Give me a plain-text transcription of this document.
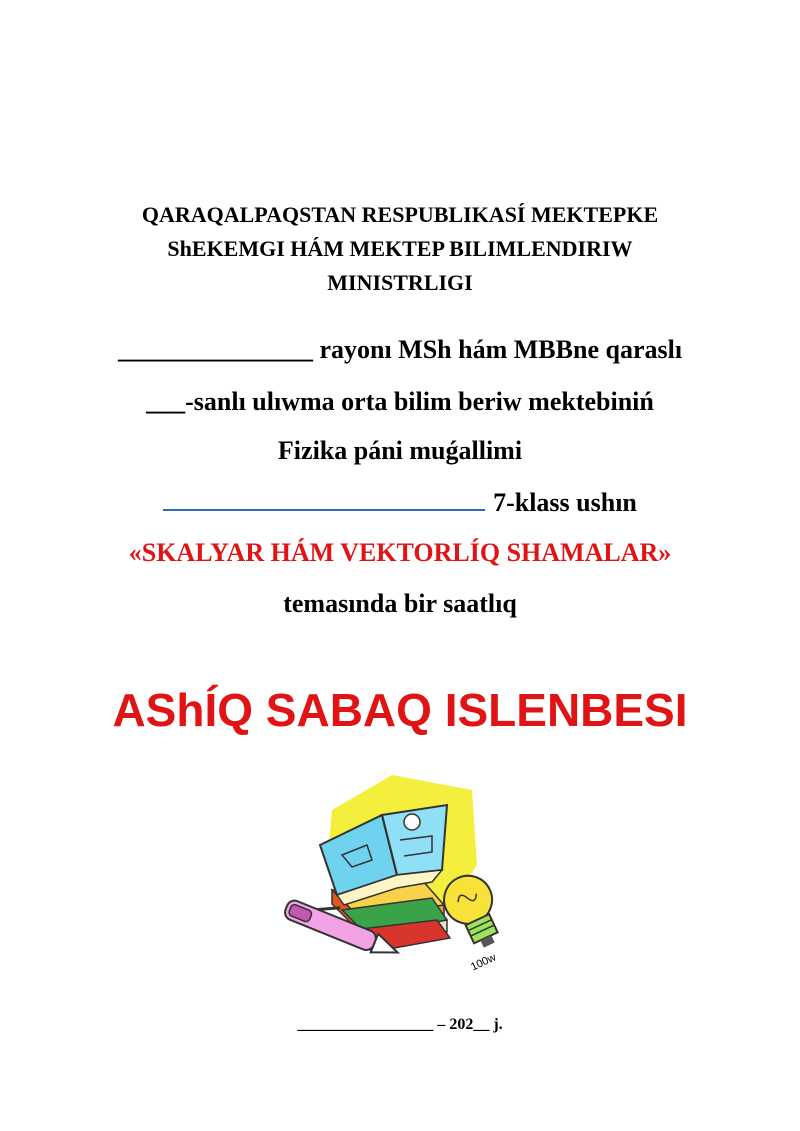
QARAQALPAQSTAN RESPUBLIKASÍ MEKTEPKE
ShEKEMGI HÁM MEKTEP BILIMLENDIRIW
MINISTRLIGI
_______________ rayonı MSh hám MBBne qaraslı
___-sanlı ulıwma orta bilim beriw mektebiniń
Fizika páni muǵallimi
7-klass ushın
«SKALYAR HÁM VEKTORLÍQ SHAMALAR»
temasında bir saatlıq
AShÍQ SABAQ ISLENBESI
100w
_________________ – 202__ j.
